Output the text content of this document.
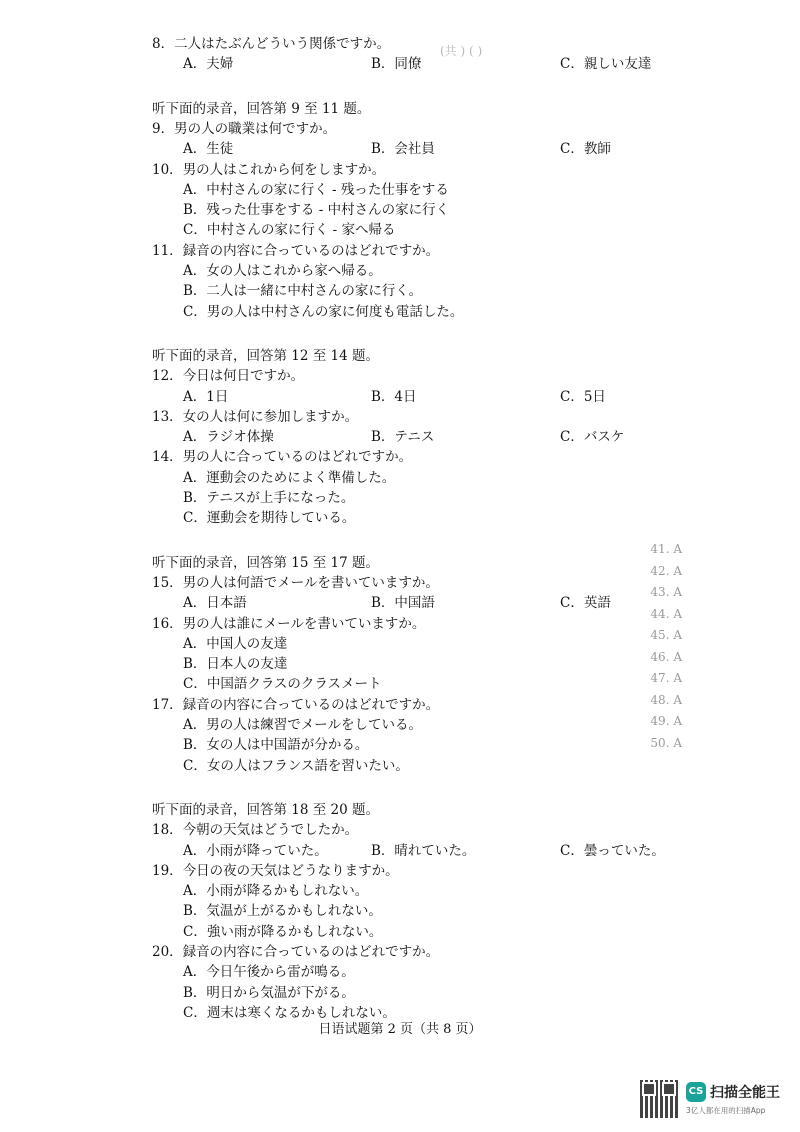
8．二人はたぶんどういう関係ですか。
A．夫婦	B．同僚	C．親しい友達
听下面的录音，回答第 9 至 11 题。
9．男の人の職業は何ですか。
A．生徒	B．会社員	C．教師
10．男の人はこれから何をしますか。
A．中村さんの家に行く - 残った仕事をする
B．残った仕事をする - 中村さんの家に行く
C．中村さんの家に行く - 家へ帰る
11．録音の内容に合っているのはどれですか。
A．女の人はこれから家へ帰る。
B．二人は一緒に中村さんの家に行く。
C．男の人は中村さんの家に何度も電話した。
听下面的录音，回答第 12 至 14 题。
12．今日は何日ですか。
A．1日	B．4日	C．5日
13．女の人は何に参加しますか。
A．ラジオ体操	B．テニス	C．バスケ
14．男の人に合っているのはどれですか。
A．運動会のためによく準備した。
B．テニスが上手になった。
C．運動会を期待している。
听下面的录音，回答第 15 至 17 题。
15．男の人は何語でメールを書いていますか。
A．日本語	B．中国語	C．英語
16．男の人は誰にメールを書いていますか。
A．中国人の友達
B．日本人の友達
C．中国語クラスのクラスメート
17．録音の内容に合っているのはどれですか。
A．男の人は練習でメールをしている。
B．女の人は中国語が分かる。
C．女の人はフランス語を習いたい。
听下面的录音，回答第 18 至 20 题。
18．今朝の天気はどうでしたか。
A．小雨が降っていた。	B．晴れていた。	C．曇っていた。
19．今日の夜の天気はどうなりますか。
A．小雨が降るかもしれない。
B．気温が上がるかもしれない。
C．強い雨が降るかもしれない。
20．録音の内容に合っているのはどれですか。
A．今日午後から雷が鳴る。
B．明日から気温が下がる。
C．週末は寒くなるかもしれない。
(共 ) ( )
41. A
42. A
43. A
44. A
45. A
46. A
47. A
48. A
49. A
50. A
日语试题第 2 页（共 8 页）
CS 扫描全能王
3亿人都在用的扫描App
